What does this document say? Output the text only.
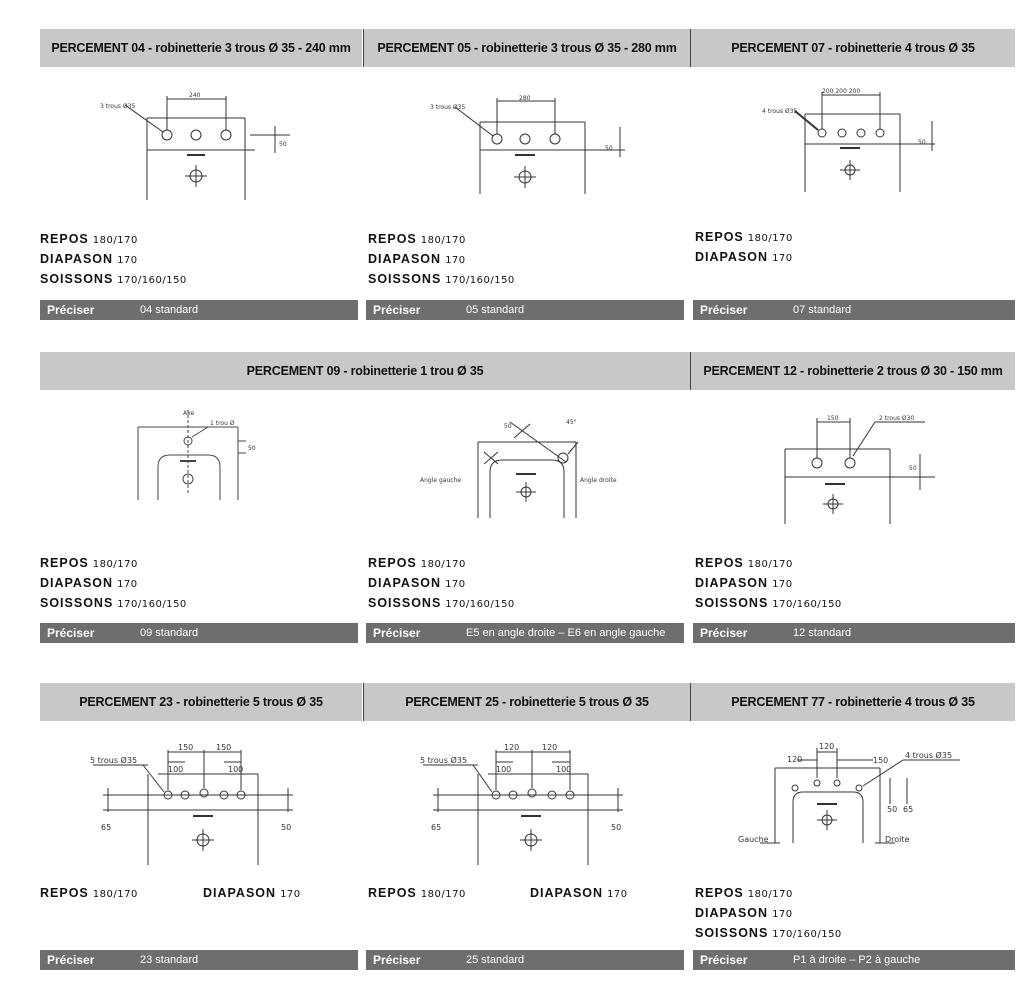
PERCEMENT 04 - robinetterie 3 trous Ø 35 - 240 mm	PERCEMENT 05 - robinetterie 3 trous Ø 35 - 280 mm	PERCEMENT 07 - robinetterie 4 trous Ø 35
3 trous Ø35
240
50
3 trous Ø35
280
50
4 trous Ø35
200 200 200
50
REPOS 180/170
DIAPASON 170
SOISSONS 170/160/150
REPOS 180/170
DIAPASON 170
SOISSONS 170/160/150
REPOS 180/170
DIAPASON 170
Préciser	04 standard	Préciser	05 standard	Préciser	07 standard
PERCEMENT 09 - robinetterie 1 trou Ø 35	PERCEMENT 12 - robinetterie 2 trous Ø 30 - 150 mm
Axe
1 trou Ø
50
50
45°
Angle gauche	Angle droite
150	2 trous Ø30
50
REPOS 180/170
DIAPASON 170
SOISSONS 170/160/150
REPOS 180/170
DIAPASON 170
SOISSONS 170/160/150
REPOS 180/170
DIAPASON 170
SOISSONS 170/160/150
Préciser	09 standard	Préciser	E5 en angle droite – E6 en angle gauche	Préciser	12 standard
PERCEMENT 23 - robinetterie 5 trous Ø 35	PERCEMENT 25 - robinetterie 5 trous Ø 35	PERCEMENT 77 - robinetterie 4 trous Ø 35
5 trous Ø35
150	150
100	100
65	50
5 trous Ø35
120	120
100	100
65	50
120
120	150
4 trous Ø35
50 65
Gauche	Droite
REPOS 180/170	DIAPASON 170	REPOS 180/170	DIAPASON 170	REPOS 180/170
DIAPASON 170
SOISSONS 170/160/150
Préciser	23 standard	Préciser	25 standard	Préciser	P1 à droite – P2 à gauche
